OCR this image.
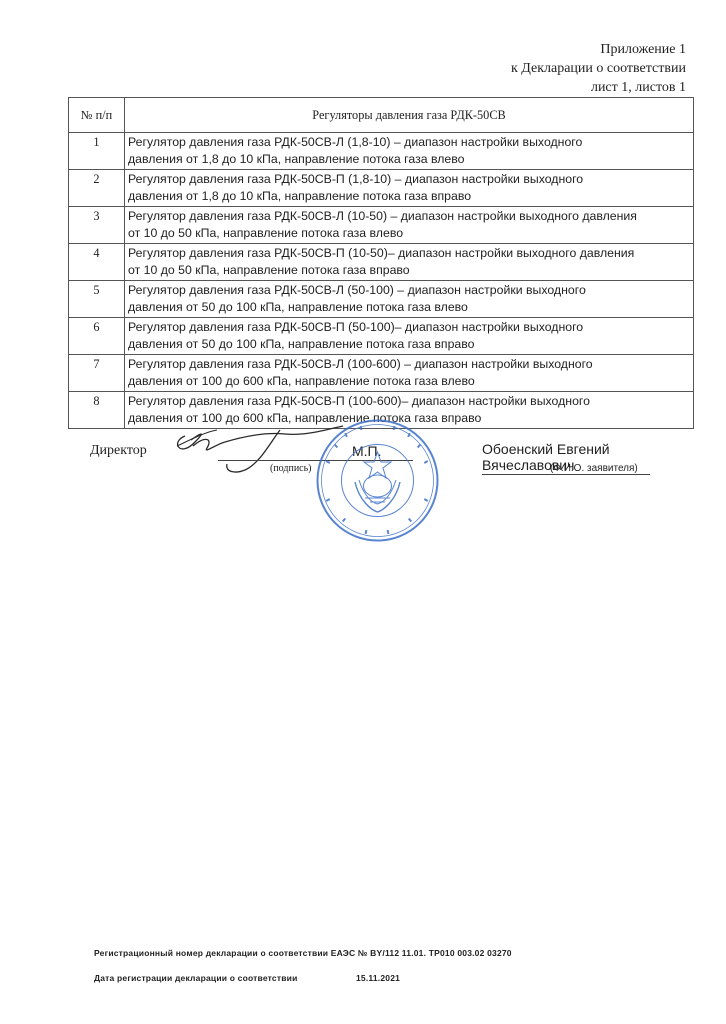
Приложение 1
к Декларации о соответствии
лист 1, листов 1
№ п/п	Регуляторы давления газа РДК-50СВ
1	Регулятор давления газа РДК-50СВ-Л (1,8-10) – диапазон настройки выходного
давления от 1,8 до 10 кПа, направление потока газа влево

2	Регулятор давления газа РДК-50СВ-П (1,8-10) – диапазон настройки выходного
давления от 1,8 до 10 кПа, направление потока газа вправо

3	Регулятор давления газа РДК-50СВ-Л (10-50) – диапазон настройки выходного давления
от 10 до 50 кПа, направление потока газа влево

4	Регулятор давления газа РДК-50СВ-П (10-50)– диапазон настройки выходного давления
от 10 до 50 кПа, направление потока газа вправо

5	Регулятор давления газа РДК-50СВ-Л (50-100) – диапазон настройки выходного
давления от 50 до 100 кПа, направление потока газа влево

6	Регулятор давления газа РДК-50СВ-П (50-100)– диапазон настройки выходного
давления от 50 до 100 кПа, направление потока газа вправо

7	Регулятор давления газа РДК-50СВ-Л (100-600) – диапазон настройки выходного
давления от 100 до 600 кПа, направление потока газа влево

8	Регулятор давления газа РДК-50СВ-П (100-600)– диапазон настройки выходного
давления от 100 до 600 кПа, направление потока газа вправо
Директор
(подпись)
М.П.	Обоенский Евгений Вячеславович
(Ф.И.О. заявителя)
Регистрационный номер декларации о соответствии ЕАЭС № BY/112 11.01. ТР010 003.02 03270
Дата регистрации декларации о соответствии	15.11.2021
